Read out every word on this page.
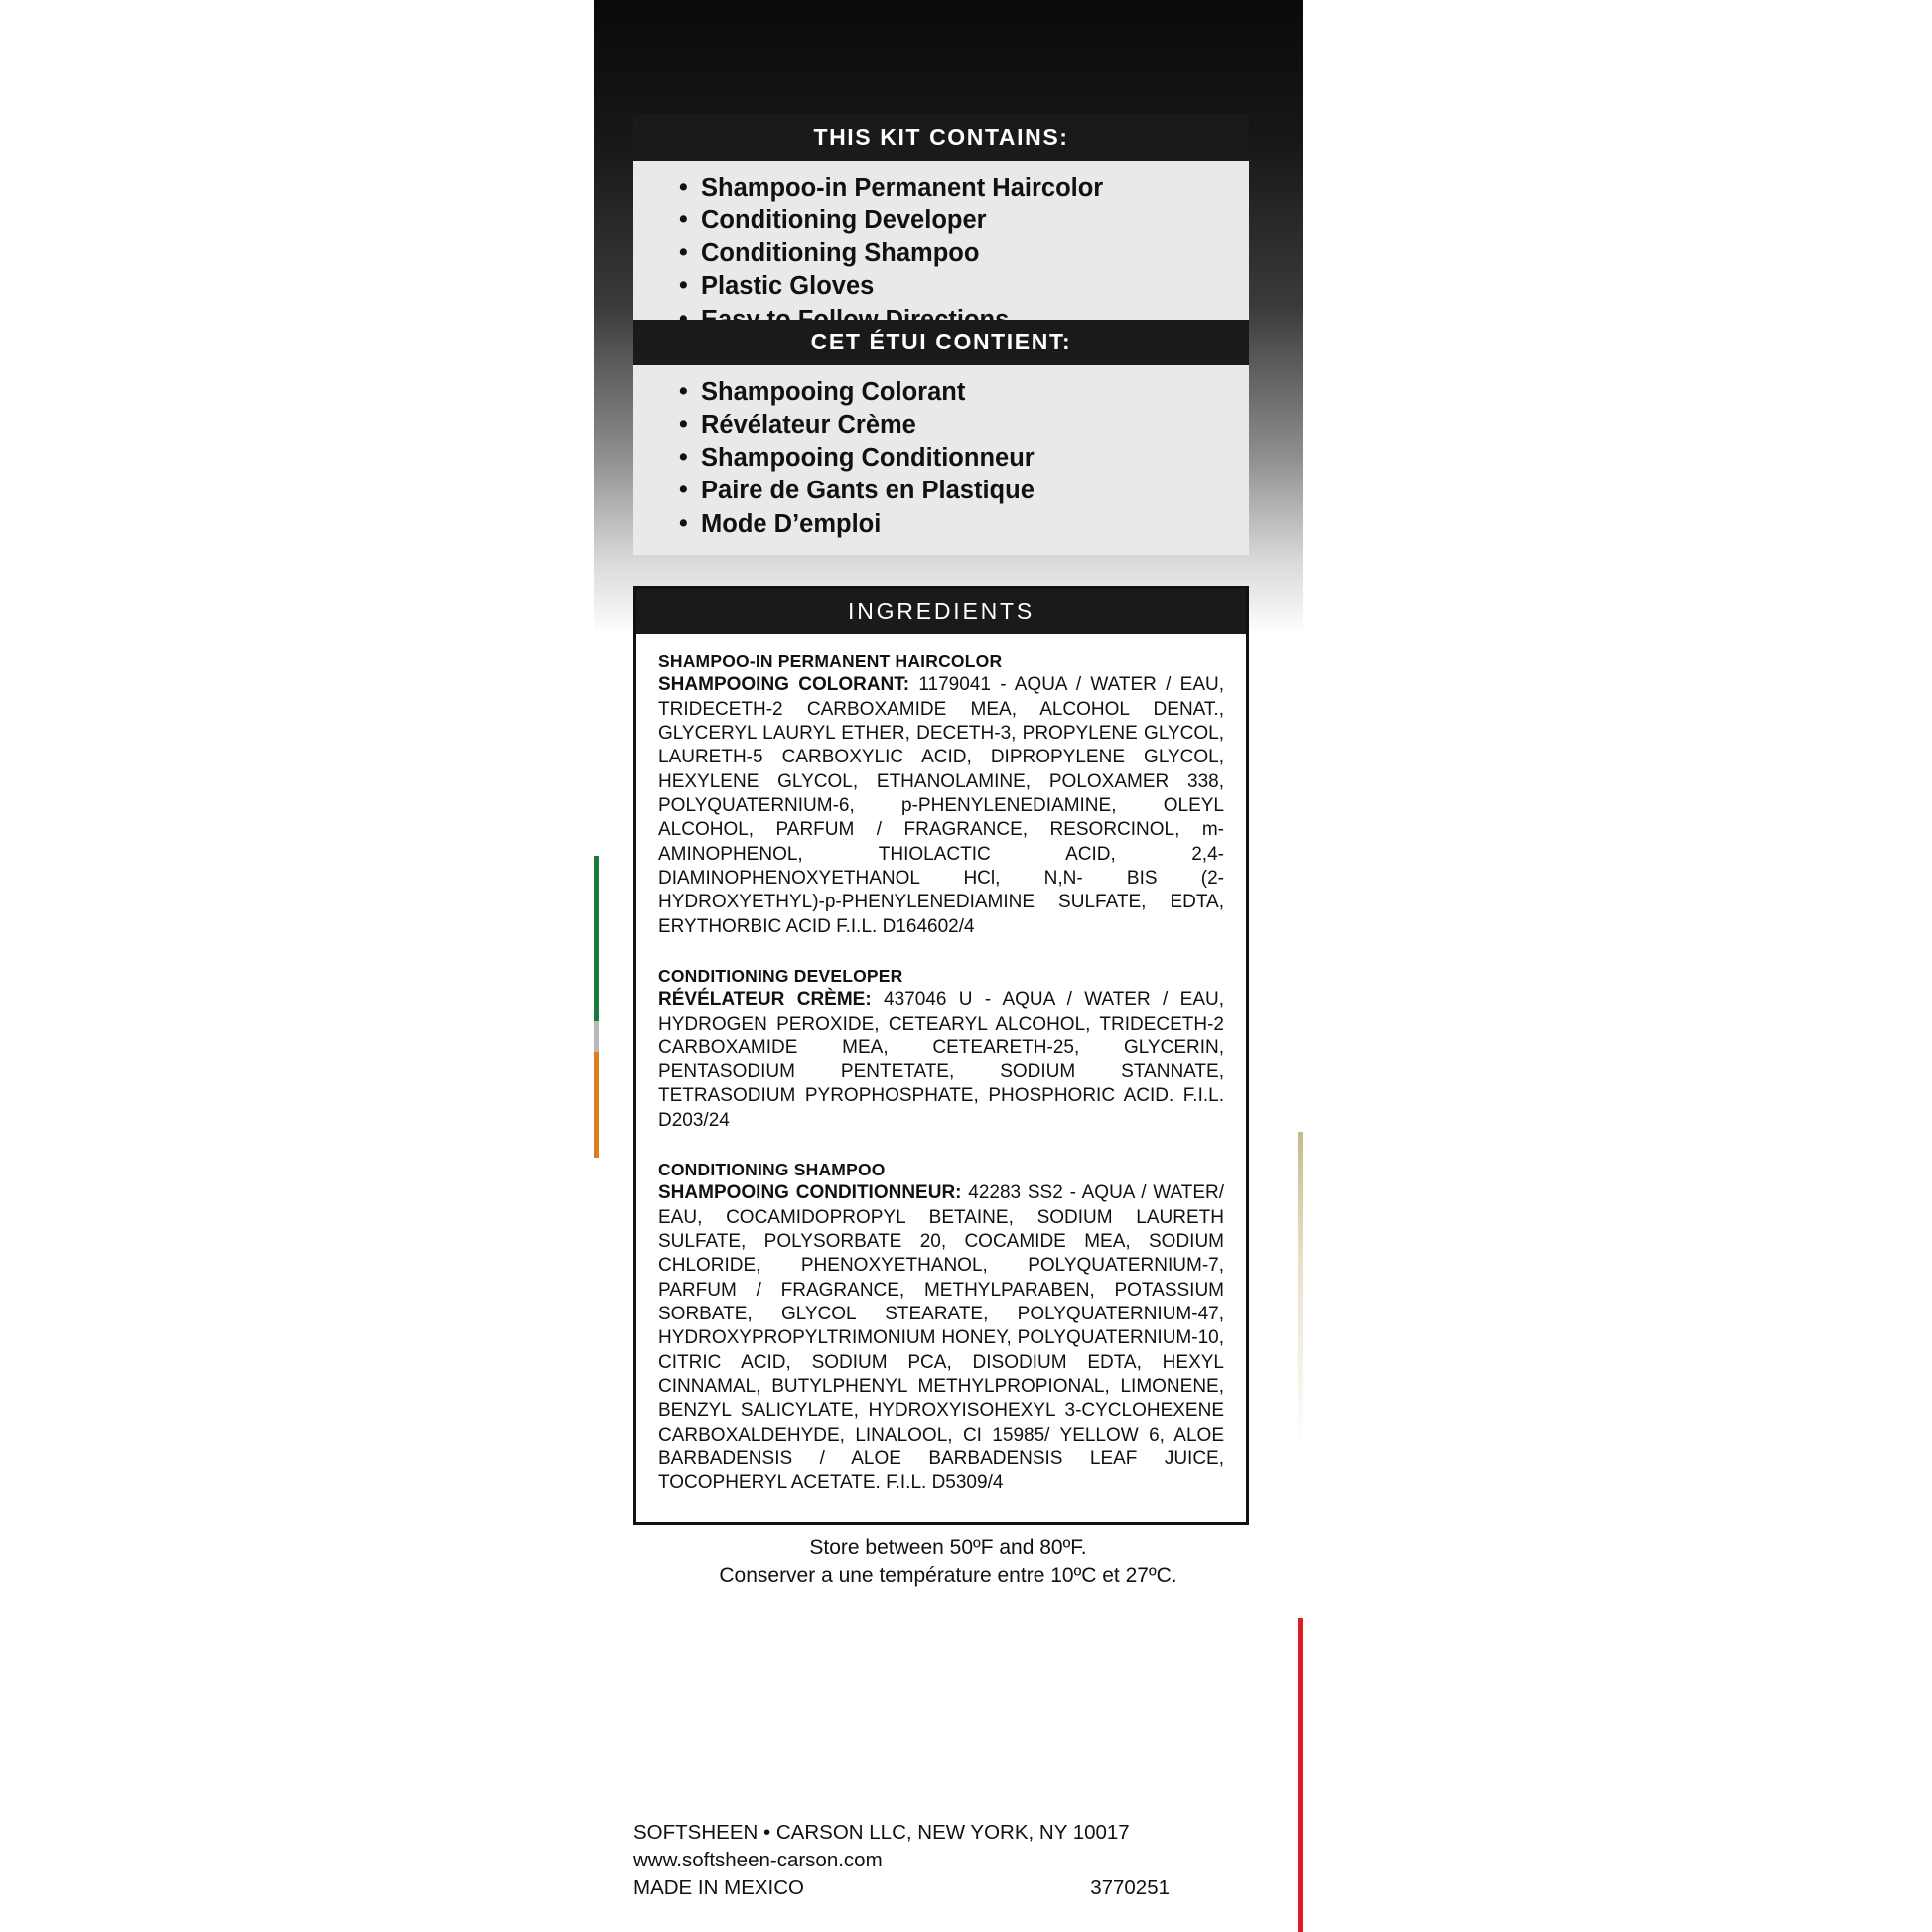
THIS KIT CONTAINS:
• Shampoo-in Permanent Haircolor
• Conditioning Developer
• Conditioning Shampoo
• Plastic Gloves
•
CET ÉTUI CONTIENT:
• Shampooing Colorant
• Révélateur Crème
• Shampooing Conditionneur
• Paire de Gants en Plastique
• Mode D’emploi
INGREDIENTS
SHAMPOO-IN PERMANENT HAIRCOLOR
SHAMPOOING COLORANT: 1179041 - AQUA / WATER / EAU, TRIDECETH-2 CARBOXAMIDE MEA, ALCOHOL DENAT., GLYCERYL LAURYL ETHER, DECETH-3, PROPYLENE GLYCOL, LAURETH-5 CARBOXYLIC ACID, DIPROPYLENE GLYCOL, HEXYLENE GLYCOL, ETHANOLAMINE, POLOXAMER 338, POLYQUATERNIUM-6, p-PHENYLENEDIAMINE, OLEYL ALCOHOL, PARFUM / FRAGRANCE, RESORCINOL, m-AMINOPHENOL, THIOLACTIC ACID, 2,4-DIAMINOPHENOXYETHANOL HCl, N,N- BIS (2-HYDROXYETHYL)-p-PHENYLENEDIAMINE SULFATE, EDTA, ERYTHORBIC ACID F.I.L. D164602/4
CONDITIONING DEVELOPER
RÉVÉLATEUR CRÈME: 437046 U - AQUA / WATER / EAU, HYDROGEN PEROXIDE, CETEARYL ALCOHOL, TRIDECETH-2 CARBOXAMIDE MEA, CETEARETH-25, GLYCERIN, PENTASODIUM PENTETATE, SODIUM STANNATE, TETRASODIUM PYROPHOSPHATE, PHOSPHORIC ACID. F.I.L. D203/24
CONDITIONING SHAMPOO
SHAMPOOING CONDITIONNEUR: 42283 SS2 - AQUA / WATER/ EAU, COCAMIDOPROPYL BETAINE, SODIUM LAURETH SULFATE, POLYSORBATE 20, COCAMIDE MEA, SODIUM CHLORIDE, PHENOXYETHANOL, POLYQUATERNIUM-7, PARFUM / FRAGRANCE, METHYLPARABEN, POTASSIUM SORBATE, GLYCOL STEARATE, POLYQUATERNIUM-47, HYDROXYPROPYLTRIMONIUM HONEY, POLYQUATERNIUM-10, CITRIC ACID, SODIUM PCA, DISODIUM EDTA, HEXYL CINNAMAL, BUTYLPHENYL METHYLPROPIONAL, LIMONENE, BENZYL SALICYLATE, HYDROXYISOHEXYL 3-CYCLOHEXENE CARBOXALDEHYDE, LINALOOL, CI 15985/ YELLOW 6, ALOE BARBADENSIS / ALOE BARBADENSIS LEAF JUICE, TOCOPHERYL ACETATE. F.I.L. D5309/4
Store between 50ºF and 80ºF.
Conserver a une température entre 10ºC et 27ºC.
SOFTSHEEN • CARSON LLC, NEW YORK, NY 10017
www.softsheen-carson.com
MADE IN MEXICO	3770251
